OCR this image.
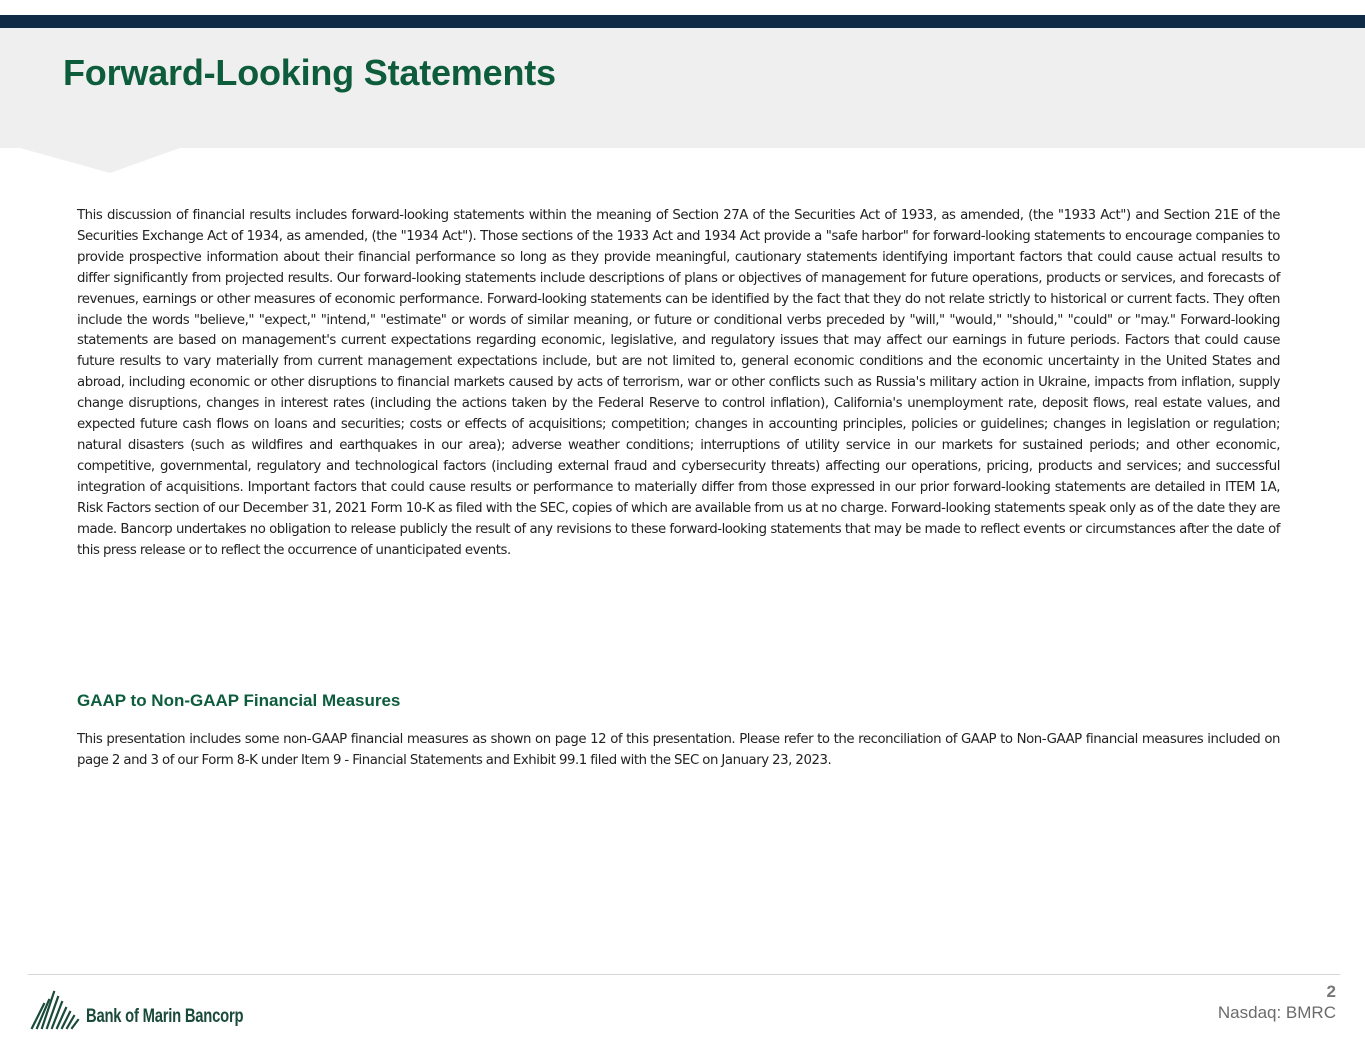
Forward-Looking Statements

This discussion of financial results includes forward-looking statements within the meaning of Section 27A of the Securities Act of 1933, as amended, (the "1933 Act") and Section 21E of the Securities Exchange Act of 1934, as amended, (the "1934 Act"). Those sections of the 1933 Act and 1934 Act provide a "safe harbor" for forward-looking statements to encourage companies to provide prospective information about their financial performance so long as they provide meaningful, cautionary statements identifying important factors that could cause actual results to differ significantly from projected results. Our forward-looking statements include descriptions of plans or objectives of management for future operations, products or services, and forecasts of revenues, earnings or other measures of economic performance. Forward-looking statements can be identified by the fact that they do not relate strictly to historical or current facts. They often include the words "believe," "expect," "intend," "estimate" or words of similar meaning, or future or conditional verbs preceded by "will," "would," "should," "could" or "may." Forward-looking statements are based on management's current expectations regarding economic, legislative, and regulatory issues that may affect our earnings in future periods. Factors that could cause future results to vary materially from current management expectations include, but are not limited to, general economic conditions and the economic uncertainty in the United States and abroad, including economic or other disruptions to financial markets caused by acts of terrorism, war or other conflicts such as Russia's military action in Ukraine, impacts from inflation, supply change disruptions, changes in interest rates (including the actions taken by the Federal Reserve to control inflation), California's unemployment rate, deposit flows, real estate values, and expected future cash flows on loans and securities; costs or effects of acquisitions; competition; changes in accounting principles, policies or guidelines; changes in legislation or regulation; natural disasters (such as wildfires and earthquakes in our area); adverse weather conditions; interruptions of utility service in our markets for sustained periods; and other economic, competitive, governmental, regulatory and technological factors (including external fraud and cybersecurity threats) affecting our operations, pricing, products and services; and successful integration of acquisitions. Important factors that could cause results or performance to materially differ from those expressed in our prior forward-looking statements are detailed in ITEM 1A, Risk Factors section of our December 31, 2021 Form 10-K as filed with the SEC, copies of which are available from us at no charge. Forward-looking statements speak only as of the date they are made. Bancorp undertakes no obligation to release publicly the result of any revisions to these forward-looking statements that may be made to reflect events or circumstances after the date of this press release or to reflect the occurrence of unanticipated events.

GAAP to Non-GAAP Financial Measures

This presentation includes some non-GAAP financial measures as shown on page 12 of this presentation. Please refer to the reconciliation of GAAP to Non-GAAP financial measures included on page 2 and 3 of our Form 8-K under Item 9 - Financial Statements and Exhibit 99.1 filed with the SEC on January 23, 2023.

Bank of Marin Bancorp
2
Nasdaq: BMRC
